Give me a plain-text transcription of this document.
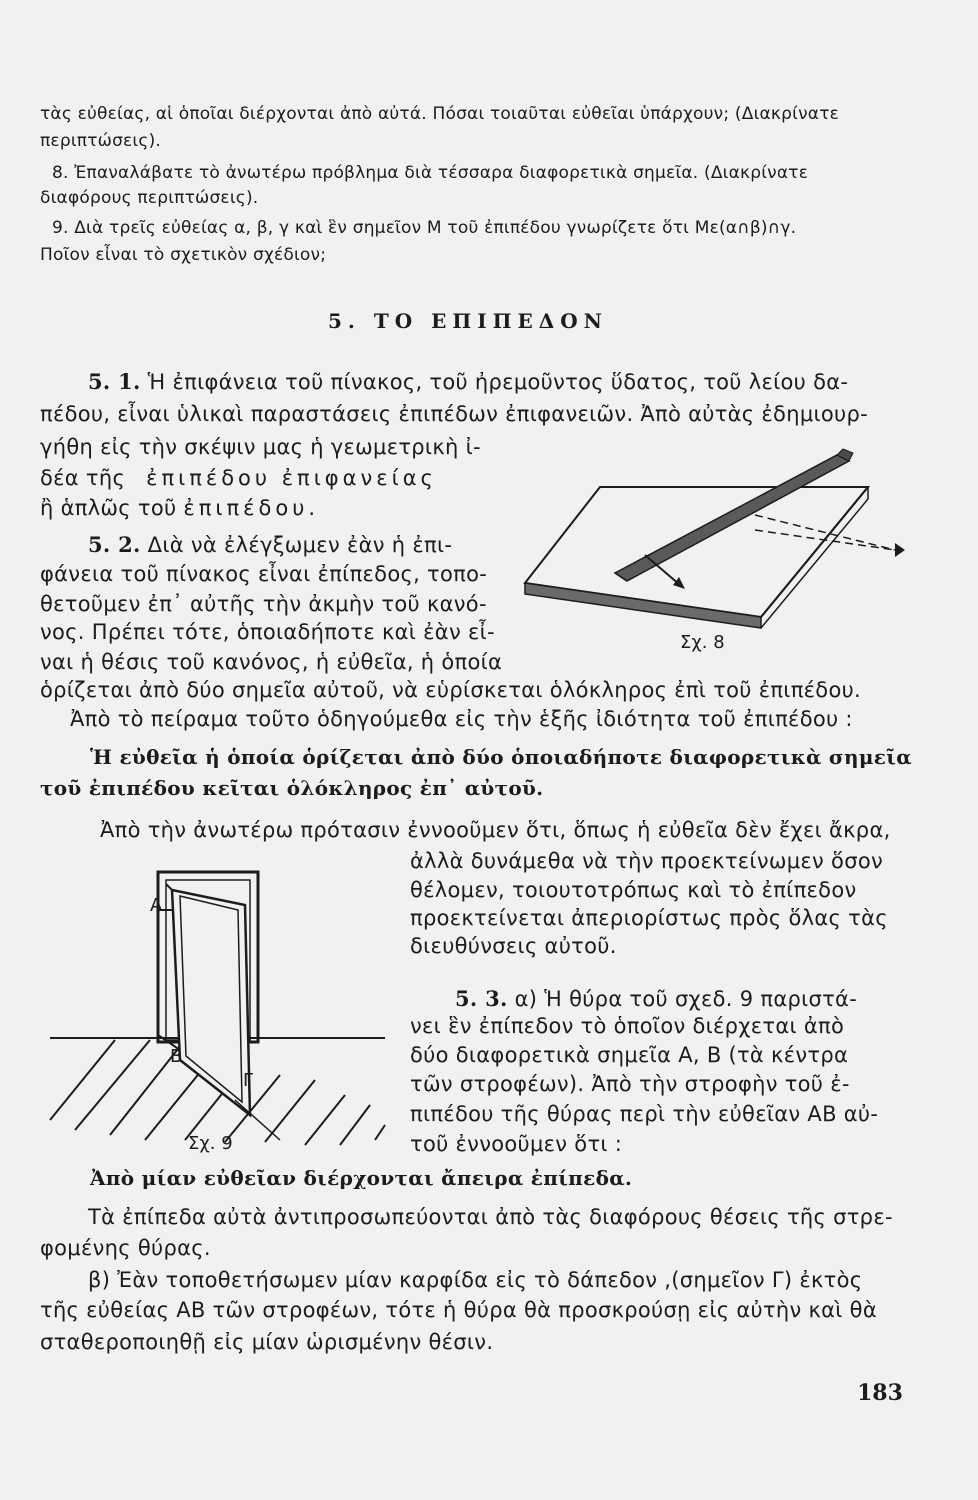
τὰς εὐθείας, αἱ ὁποῖαι διέρχονται ἀπὸ αὐτά. Πόσαι τοιαῦται εὐθεῖαι ὑπάρχουν; (Διακρίνατε

περιπτώσεις).

8. Ἐπαναλάβατε τὸ ἀνωτέρω πρόβλημα διὰ τέσσαρα διαφορετικὰ σημεῖα. (Διακρίνατε

διαφόρους περιπτώσεις).

9. Διὰ τρεῖς εὐθείας α, β, γ καὶ ἓν σημεῖον Μ τοῦ ἐπιπέδου γνωρίζετε ὅτι Με(α∩β)∩γ.

Ποῖον εἶναι τὸ σχετικὸν σχέδιον;

5. ΤΟ ΕΠΙΠΕΔΟΝ

5. 1. Ἡ ἐπιφάνεια τοῦ πίνακος, τοῦ ἠρεμοῦντος ὕδατος, τοῦ λείου δα-

πέδου, εἶναι ὑλικαὶ παραστάσεις ἐπιπέδων ἐπιφανειῶν. Ἀπὸ αὐτὰς ἐδημιουρ-

γήθη εἰς τὴν σκέψιν μας ἡ γεωμετρικὴ ἰ-

δέα τῆς ἐπιπέδου ἐπιφανείας

ἢ ἁπλῶς τοῦ ἐπιπέδου.

Σχ. 8

5. 2. Διὰ νὰ ἐλέγξωμεν ἐὰν ἡ ἐπι-

φάνεια τοῦ πίνακος εἶναι ἐπίπεδος, τοπο-

θετοῦμεν ἐπ᾽ αὐτῆς τὴν ἀκμὴν τοῦ κανό-

νος. Πρέπει τότε, ὁποιαδήποτε καὶ ἐὰν εἶ-

ναι ἡ θέσις τοῦ κανόνος, ἡ εὐθεῖα, ἡ ὁποία

ὁρίζεται ἀπὸ δύο σημεῖα αὐτοῦ, νὰ εὑρίσκεται ὁλόκληρος ἐπὶ τοῦ ἐπιπέδου.

Ἀπὸ τὸ πείραμα τοῦτο ὁδηγούμεθα εἰς τὴν ἑξῆς ἰδιότητα τοῦ ἐπιπέδου :

Ἡ εὐθεῖα ἡ ὁποία ὁρίζεται ἀπὸ δύο ὁποιαδήποτε διαφορετικὰ σημεῖα

τοῦ ἐπιπέδου κεῖται ὁλόκληρος ἐπ᾽ αὐτοῦ.

Ἀπὸ τὴν ἀνωτέρω πρότασιν ἐννοοῦμεν ὅτι, ὅπως ἡ εὐθεῖα δὲν ἔχει ἄκρα,

ἀλλὰ δυνάμεθα νὰ τὴν προεκτείνωμεν ὅσον

θέλομεν, τοιουτοτρόπως καὶ τὸ ἐπίπεδον

προεκτείνεται ἀπεριορίστως πρὸς ὅλας τὰς

διευθύνσεις αὐτοῦ.

Α

Β

Γ

Σχ. 9

5. 3. α) Ἡ θύρα τοῦ σχεδ. 9 παριστά-

νει ἓν ἐπίπεδον τὸ ὁποῖον διέρχεται ἀπὸ

δύο διαφορετικὰ σημεῖα Α, Β (τὰ κέντρα

τῶν στροφέων). Ἀπὸ τὴν στροφὴν τοῦ ἐ-

πιπέδου τῆς θύρας περὶ τὴν εὐθεῖαν ΑΒ αὐ-

τοῦ ἐννοοῦμεν ὅτι :

Ἀπὸ μίαν εὐθεῖαν διέρχονται ἄπειρα ἐπίπεδα.

Τὰ ἐπίπεδα αὐτὰ ἀντιπροσωπεύονται ἀπὸ τὰς διαφόρους θέσεις τῆς στρε-

φομένης θύρας.

β) Ἐὰν τοποθετήσωμεν μίαν καρφίδα εἰς τὸ δάπεδον ,(σημεῖον Γ) ἐκτὸς

τῆς εὐθείας ΑΒ τῶν στροφέων, τότε ἡ θύρα θὰ προσκρούσῃ εἰς αὐτὴν καὶ θὰ

σταθεροποιηθῇ εἰς μίαν ὡρισμένην θέσιν.

183
